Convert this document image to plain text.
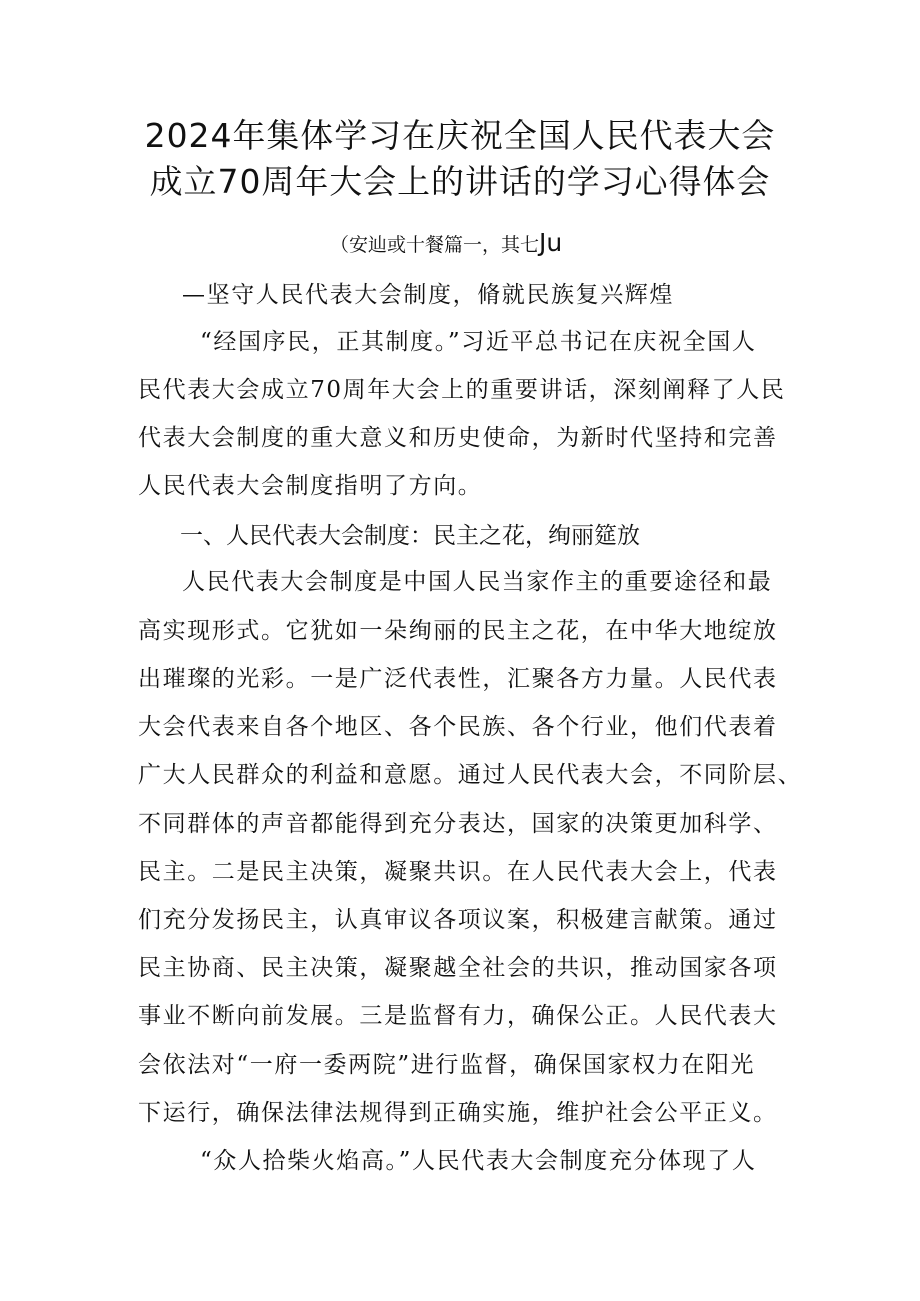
2024年集体学习在庆祝全国人民代表大会
成立70周年大会上的讲话的学习心得体会
（安辿或十餐篇一，其七Ju
—坚守人民代表大会制度，脩就民族复兴辉煌
“经国序民，正其制度。”习近平总书记在庆祝全国人
民代表大会成立70周年大会上的重要讲话，深刻阐释了人民
代表大会制度的重大意义和历史使命，为新时代坚持和完善
人民代表大会制度指明了方向。
一、人民代表大会制度：民主之花，绚丽筵放
人民代表大会制度是中国人民当家作主的重要途径和最
高实现形式。它犹如一朵绚丽的民主之花，在中华大地绽放
出璀璨的光彩。一是广泛代表性，汇聚各方力量。人民代表
大会代表来自各个地区、各个民族、各个行业，他们代表着
广大人民群众的利益和意愿。通过人民代表大会，不同阶层、
不同群体的声音都能得到充分表达，国家的决策更加科学、
民主。二是民主决策，凝聚共识。在人民代表大会上，代表
们充分发扬民主，认真审议各项议案，积极建言献策。通过
民主协商、民主决策，凝聚越全社会的共识，推动国家各项
事业不断向前发展。三是监督有力，确保公正。人民代表大
会依法对“一府一委两院”进行监督，确保国家权力在阳光
下运行，确保法律法规得到正确实施，维护社会公平正义。
“众人拾柴火焰高。”人民代表大会制度充分体现了人
